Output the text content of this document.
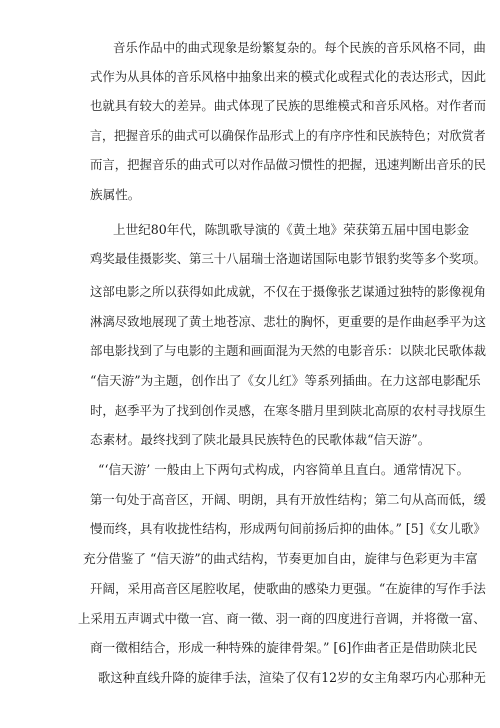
音乐作品中的曲式现象是纷繁复杂的。每个民族的音乐风格不同，曲
式作为从具体的音乐风格中抽象出来的模式化或程式化的表达形式，因此
也就具有较大的差异。曲式体现了民族的思维模式和音乐风格。对作者而
言，把握音乐的曲式可以确保作品形式上的有序序性和民族特色；对欣赏者
而言，把握音乐的曲式可以对作品做习惯性的把握，迅速判断出音乐的民
族属性。
上世纪80年代，陈凯歌导演的《黄土地》荣获第五届中国电影金
鸡奖最佳摄影奖、第三十八届瑞士洛迦诺国际电影节银豹奖等多个奖项。
这部电影之所以获得如此成就，不仅在于摄像张艺谋通过独特的影像视角
淋漓尽致地展现了黄土地苍凉、悲壮的胸怀，更重要的是作曲赵季平为这
部电影找到了与电影的主题和画面混为天然的电影音乐：以陕北民歌体裁
“信天游”为主题，创作出了《女儿红》等系列插曲。在力这部电影配乐
时，赵季平为了找到创作灵感，在寒冬腊月里到陕北高原的农村寻找原生
态素材。最终找到了陕北最具民族特色的民歌体裁“信天游”。
“‘信天游’ 一般由上下两句式构成，内容简单且直白。通常情况下。
第一句处于高音区，开阔、明朗，具有开放性结构；第二句从高而低，缓
慢而终，具有收拢性结构，形成两句间前扬后抑的曲体。” [5]《女儿歌》
充分借鉴了 “信天游”的曲式结构，节奏更加自由，旋律与色彩更为丰富
幵阔，采用高音区尾腔收尾，使歌曲的感染力更强。“在旋律的写作手法
上采用五声调式中徵一宫、商一徵、羽一商的四度进行音调，并将徵一富、
商一徵相结合，形成一种特殊的旋律骨架。” [6]作曲者正是借助陕北民
歌这种直线升降的旋律手法，渲染了仅有12岁的女主角翠巧内心那种无
